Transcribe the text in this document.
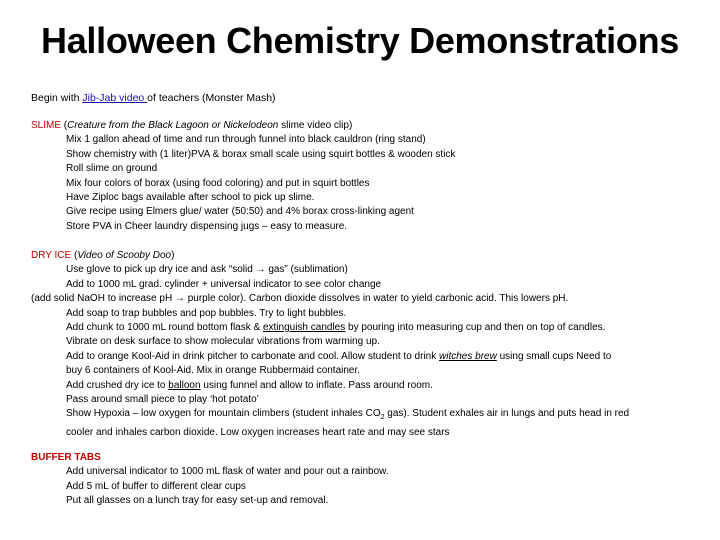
Halloween Chemistry Demonstrations
Begin with Jib-Jab video of teachers (Monster Mash)
SLIME (Creature from the Black Lagoon or Nickelodeon slime video clip)
Mix 1 gallon ahead of time and run through funnel into black cauldron (ring stand)
Show chemistry with (1 liter)PVA & borax small scale using squirt bottles & wooden stick
Roll slime on ground
Mix four colors of borax (using food coloring) and put in squirt bottles
Have Ziploc bags available after school to pick up slime.
Give recipe using Elmers glue/ water (50:50) and 4% borax cross-linking agent
Store PVA in Cheer laundry dispensing jugs – easy to measure.
DRY ICE (Video of Scooby Doo)
Use glove to pick up dry ice and ask “solid → gas” (sublimation)
Add to 1000 mL grad. cylinder + universal indicator to see color change
(add solid NaOH to increase pH → purple color). Carbon dioxide dissolves in water to yield carbonic acid. This lowers pH.
Add soap to trap bubbles and pop bubbles. Try to light bubbles.
Add chunk to 1000 mL round bottom flask & extinguish candles by pouring into measuring cup and then on top of candles.
Vibrate on desk surface to show molecular vibrations from warming up.
Add to orange Kool-Aid in drink pitcher to carbonate and cool. Allow student to drink witches brew using small cups Need to
buy 6 containers of Kool-Aid. Mix in orange Rubbermaid container.
Add crushed dry ice to balloon using funnel and allow to inflate. Pass around room.
Pass around small piece to play ‘hot potato’
Show Hypoxia – low oxygen for mountain climbers (student inhales $CO_2$ gas). Student exhales air in lungs and puts head in red
cooler and inhales carbon dioxide. Low oxygen increases heart rate and may see stars
BUFFER TABS
Add universal indicator to 1000 mL flask of water and pour out a rainbow.
Add 5 mL of buffer to different clear cups
Put all glasses on a lunch tray for easy set-up and removal.
